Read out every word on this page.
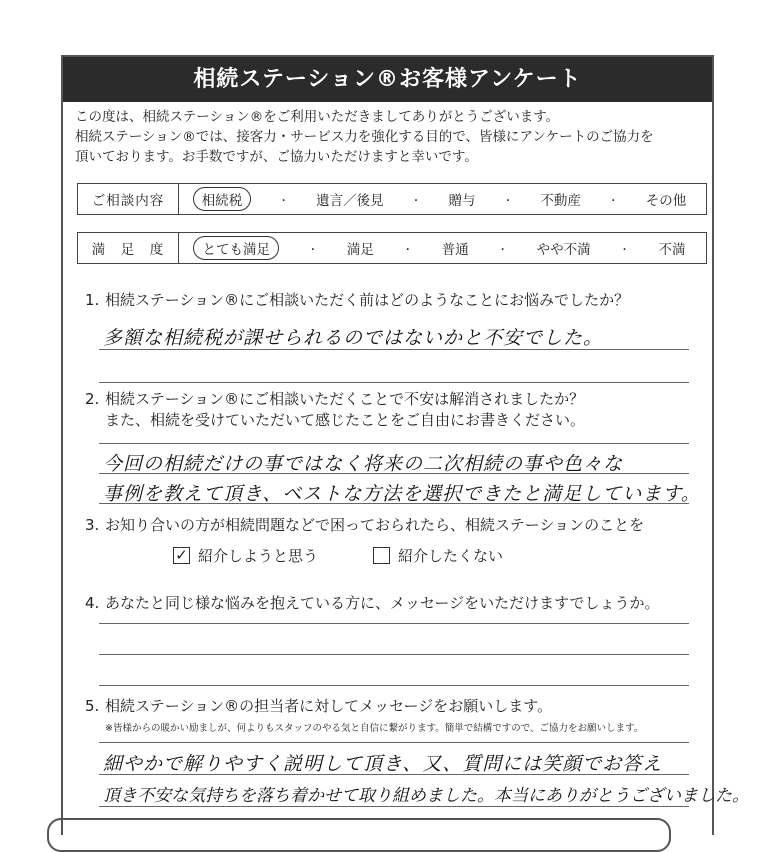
相続ステーション®お客様アンケート
この度は、相続ステーション®をご利用いただきましてありがとうございます。
相続ステーション®では、接客力・サービス力を強化する目的で、皆様にアンケートのご協力を
頂いております。お手数ですが、ご協力いただけますと幸いです。
ご相談内容	相続税	・ 遺言／後見	・ 贈与	・ 不動産	・ その他
満　足　度	とても満足	・ 満足	・ 普通	・ やや不満	・ 不満
1. 相続ステーション®にご相談いただく前はどのようなことにお悩みでしたか？
多額な相続税が課せられるのではないかと不安でした。
2. 相続ステーション®にご相談いただくことで不安は解消されましたか？
また、相続を受けていただいて感じたことをご自由にお書きください。
今回の相続だけの事ではなく将来の二次相続の事や色々な
事例を教えて頂き、ベストな方法を選択できたと満足しています。
3. お知り合いの方が相続問題などで困っておられたら、相続ステーションのことを
✓ 紹介しようと思う	紹介したくない
4. あなたと同じ様な悩みを抱えている方に、メッセージをいただけますでしょうか。
5. 相続ステーション®の担当者に対してメッセージをお願いします。
※皆様からの暖かい励ましが、何よりもスタッフのやる気と自信に繋がります。簡単で結構ですので、ご協力をお願いします。
細やかで解りやすく説明して頂き、又、質問には笑顔でお答え
頂き不安な気持ちを落ち着かせて取り組めました。本当にありがとうございました。
